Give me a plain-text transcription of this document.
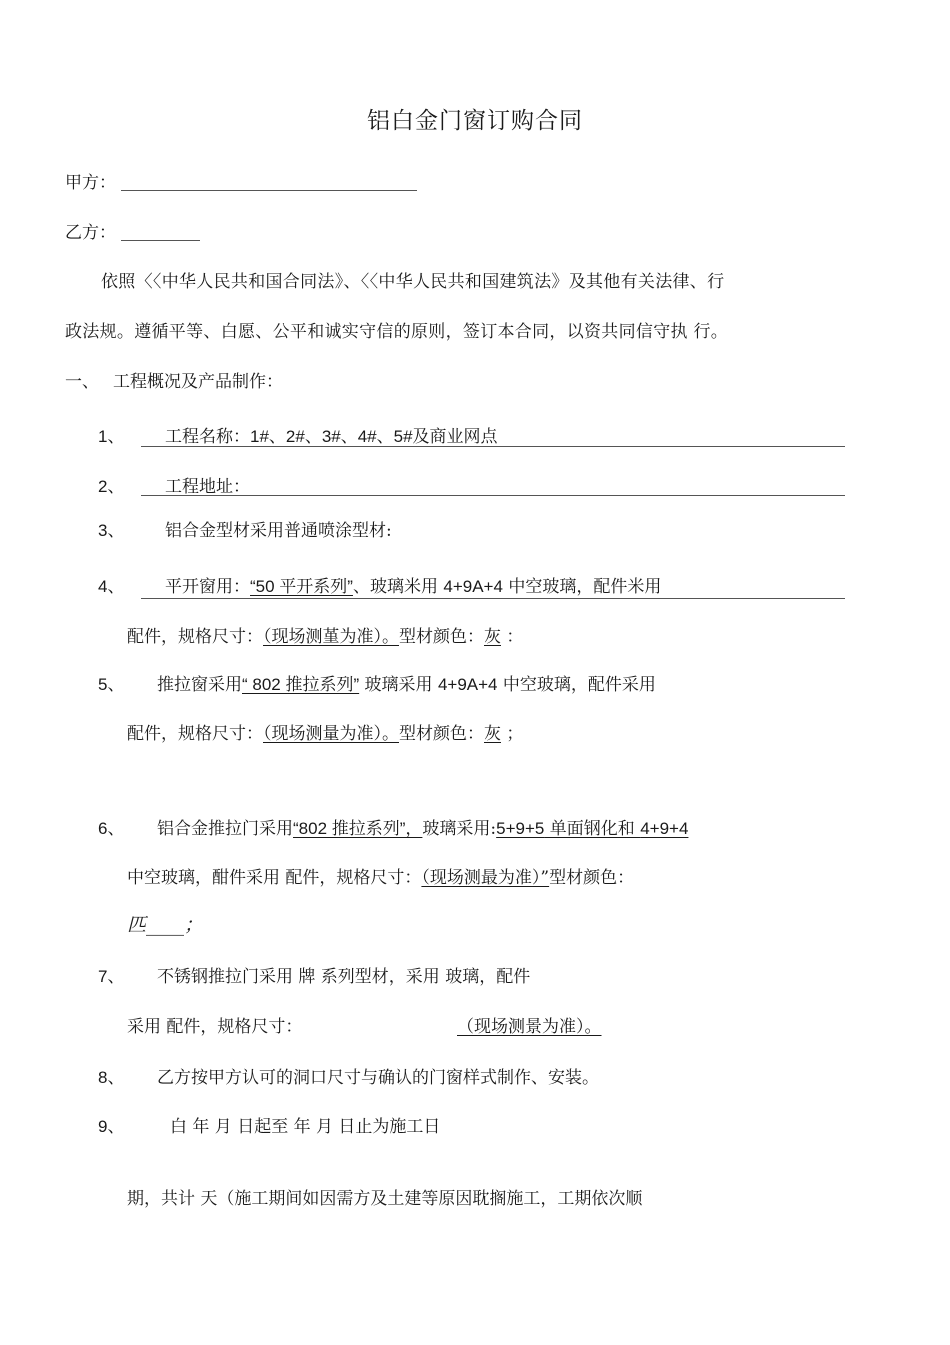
铝白金门窗订购合同
甲方：
乙方：
依照〈〈中华人民共和国合同法》、〈〈中华人民共和国建筑法》及其他有关法律、行
政法规。遵循平等、白愿、公平和诚实守信的原则，签订本合同，以资共同信守执 行。
一、 工程概况及产品制作：
1、 工程名称：1#、2#、3#、4#、5#及商业网点
2、 工程地址：
3、 铝合金型材采用普通喷涂型材:
4、 平开窗用：“50 平开系列”、玻璃米用 4+9A+4 中空玻璃，配件米用
配件，规格尺寸：（现场测堇为准）。型材颜色：灰 ：
5、 推拉窗采用“ 802 推拉系列” 玻璃采用 4+9A+4 中空玻璃，配件采用
配件，规格尺寸：（现场测量为准）。型材颜色：灰 ；
6、 铝合金推拉门采用“802 推拉系列”，玻璃采用:5+9+5 单面钢化和 4+9+4
中空玻璃，酣件采用 配件，规格尺寸：（现场测最为准）”型材颜色：
匹____；
7、 不锈钢推拉门采用 牌 系列型材，采用 玻璃，配件
采用 配件，规格尺寸：	（现场测景为准）。
8、 乙方按甲方认可的洞口尺寸与确认的门窗样式制作、安装。
9、	白 年 月 日起至 年 月 日止为施工日
期，共计 天（施工期间如因需方及土建等原因耽搁施工，工期依次顺
